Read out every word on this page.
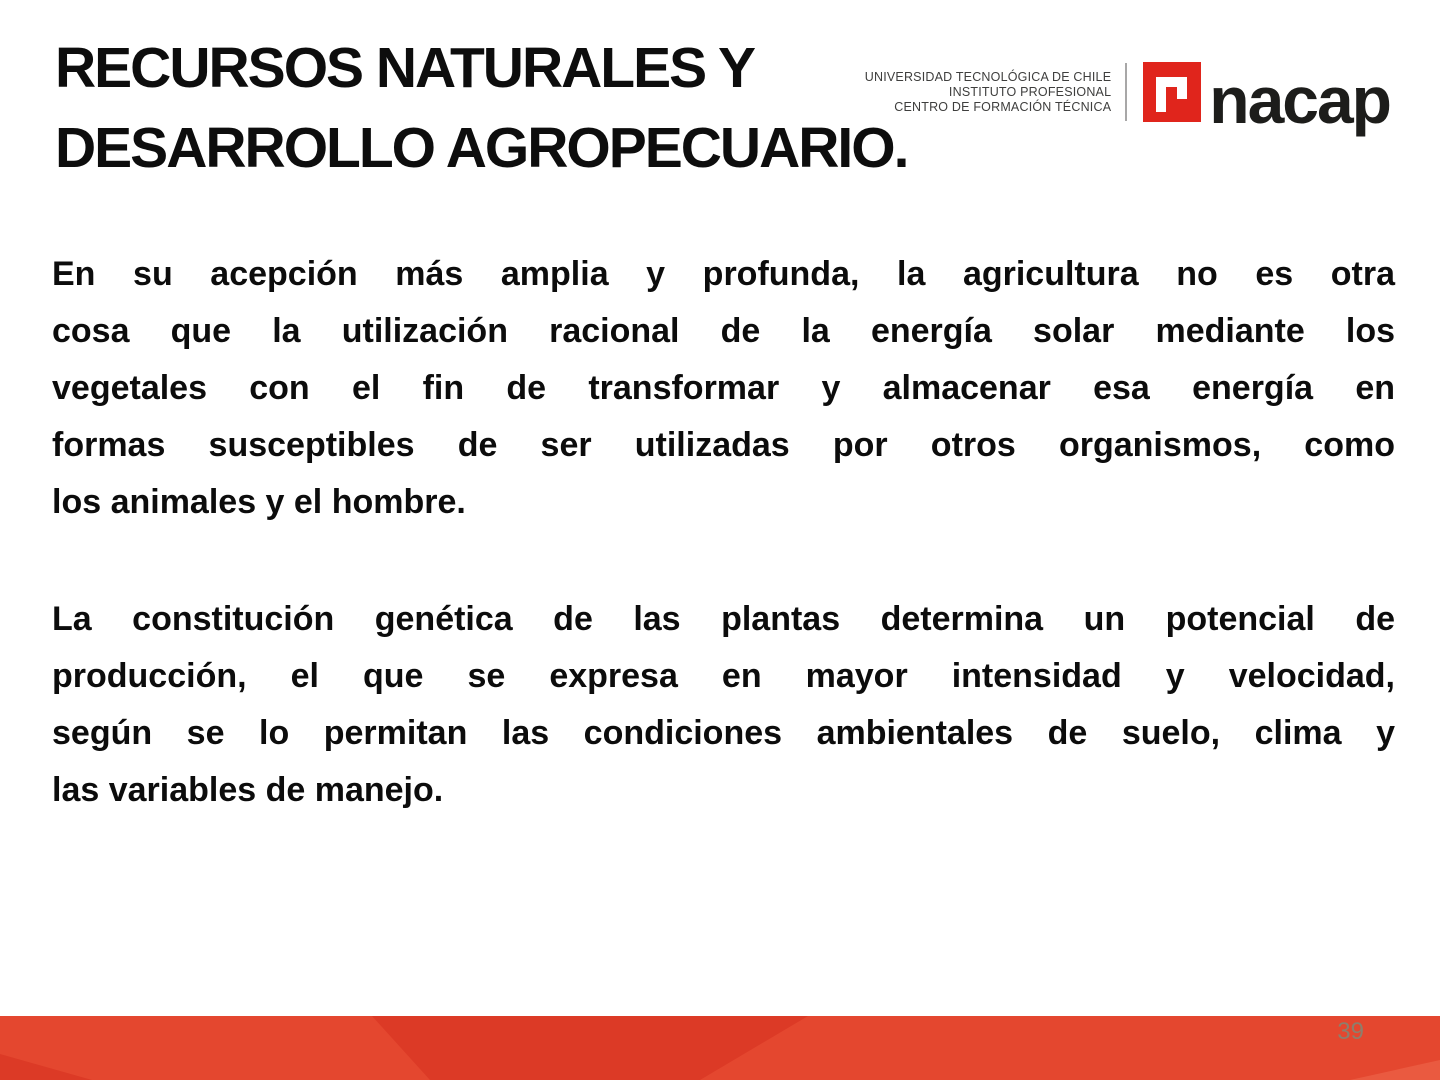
RECURSOS NATURALES Y
DESARROLLO AGROPECUARIO.
UNIVERSIDAD TECNOLÓGICA DE CHILE
INSTITUTO PROFESIONAL
CENTRO DE FORMACIÓN TÉCNICA nacap
En su acepción más amplia y profunda, la agricultura no es otra
cosa que la utilización racional de la energía solar mediante los
vegetales con el fin de transformar y almacenar esa energía en
formas susceptibles de ser utilizadas por otros organismos, como
los animales y el hombre.
La constitución genética de las plantas determina un potencial de
producción, el que se expresa en mayor intensidad y velocidad,
según se lo permitan las condiciones ambientales de suelo, clima y
las variables de manejo.
39
